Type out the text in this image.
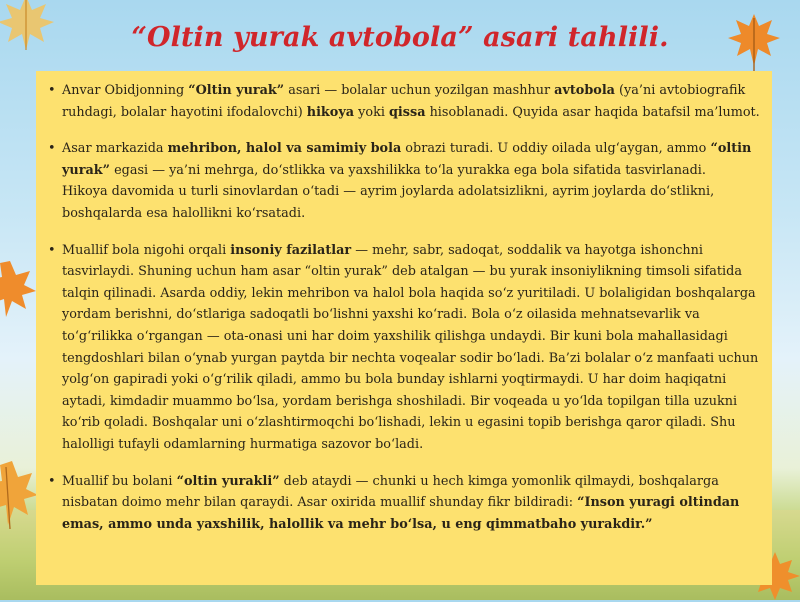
“Oltin yurak avtobola” asari tahlili.
• Anvar Obidjonning “Oltin yurak” asari — bolalar uchun yozilgan mashhur avtobola (ya’ni avtobiografik ruhdagi, bolalar hayotini ifodalovchi) hikoya yoki qissa hisoblanadi. Quyida asar haqida batafsil ma’lumot.
• Asar markazida mehribon, halol va samimiy bola obrazi turadi. U oddiy oilada ulg‘aygan, ammo “oltin yurak” egasi — ya’ni mehrga, do‘stlikka va yaxshilikka to‘la yurakka ega bola sifatida tasvirlanadi.
Hikoya davomida u turli sinovlardan o‘tadi — ayrim joylarda adolatsizlikni, ayrim joylarda do‘stlikni, boshqalarda esa halollikni ko‘rsatadi.
• Muallif bola nigohi orqali insoniy fazilatlar — mehr, sabr, sadoqat, soddalik va hayotga ishonchni tasvirlaydi. Shuning uchun ham asar “oltin yurak” deb atalgan — bu yurak insoniylikning timsoli sifatida talqin qilinadi. Asarda oddiy, lekin mehribon va halol bola haqida so‘z yuritiladi. U bolaligidan boshqalarga yordam berishni, do‘stlariga sadoqatli bo‘lishni yaxshi ko‘radi. Bola o‘z oilasida mehnatsevarlik va to‘g‘rilikka o‘rgangan — ota-onasi uni har doim yaxshilik qilishga undaydi. Bir kuni bola mahallasidagi tengdoshlari bilan o‘ynab yurgan paytda bir nechta voqealar sodir bo‘ladi. Ba’zi bolalar o‘z manfaati uchun yolg‘on gapiradi yoki o‘g‘rilik qiladi, ammo bu bola bunday ishlarni yoqtirmaydi. U har doim haqiqatni aytadi, kimdadir muammo bo‘lsa, yordam berishga shoshiladi. Bir voqeada u yo‘lda topilgan tilla uzukni ko‘rib qoladi. Boshqalar uni o‘zlashtirmoqchi bo‘lishadi, lekin u egasini topib berishga qaror qiladi. Shu halolligi tufayli odamlarning hurmatiga sazovor bo‘ladi.
• Muallif bu bolani “oltin yurakli” deb ataydi — chunki u hech kimga yomonlik qilmaydi, boshqalarga nisbatan doimo mehr bilan qaraydi. Asar oxirida muallif shunday fikr bildiradi: “Inson yuragi oltindan emas, ammo unda yaxshilik, halollik va mehr bo‘lsa, u eng qimmatbaho yurakdir.”
